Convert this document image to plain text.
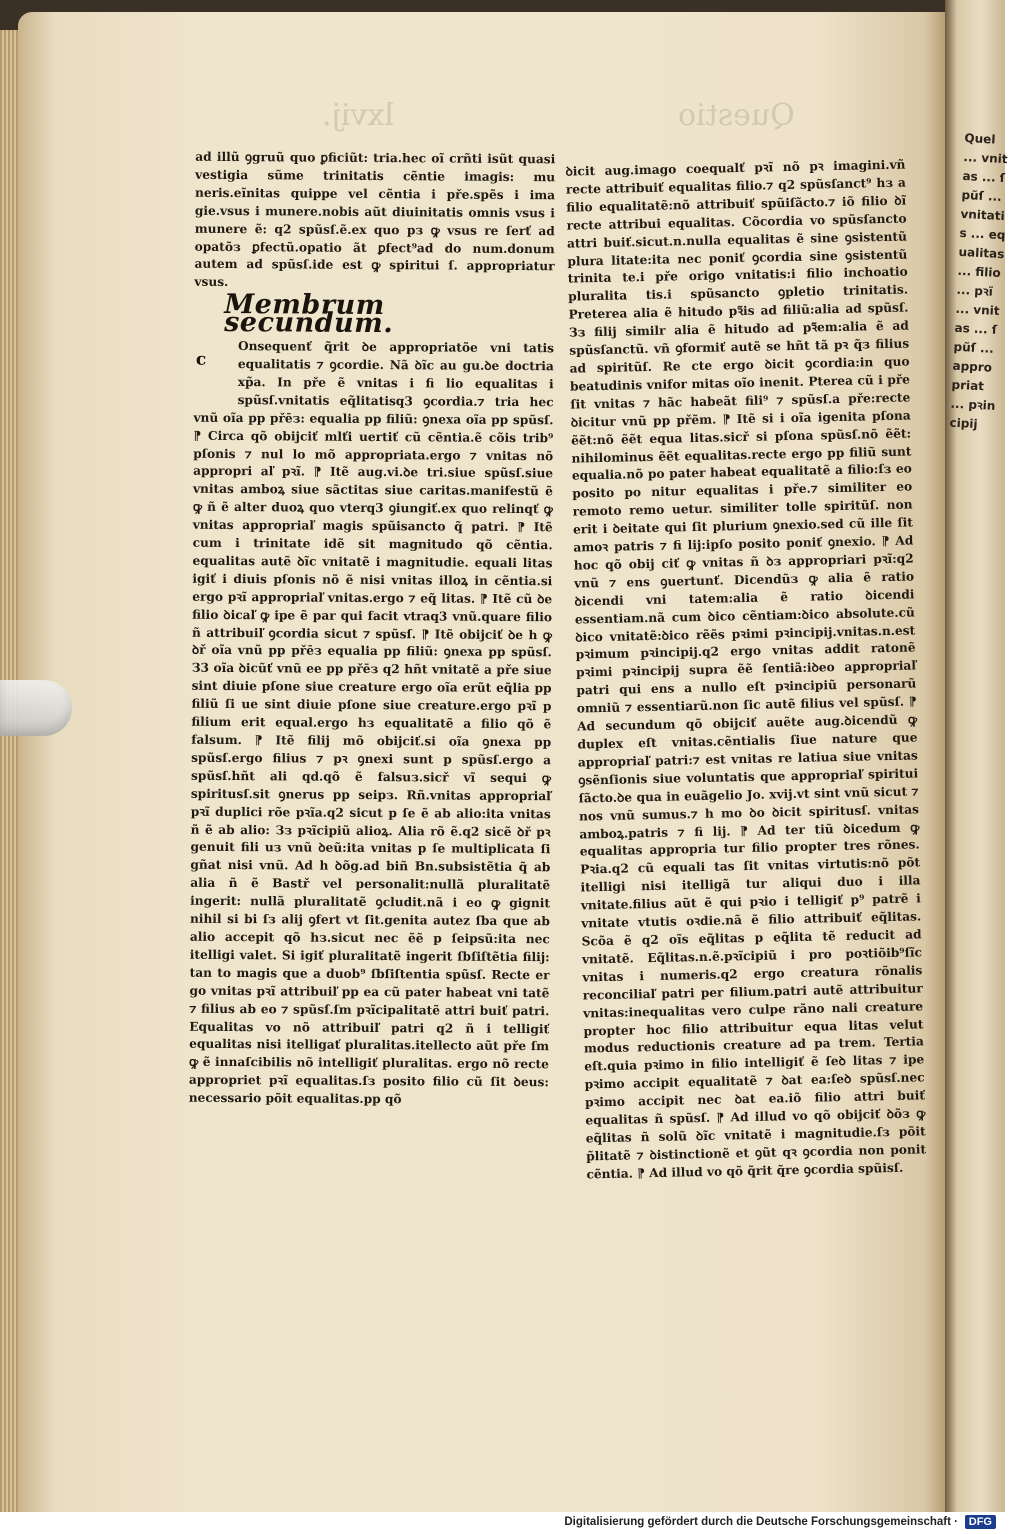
Quel ... vnitas ... ſpũſ ... vnitatis ... equalitas ... filio ... pꝛĩ ... vnitas ... ſpũſ ... appropriat ... pꝛincipij
lxvij.	Questio

ad illũ ꝯgruũ quo ꝑficiũt: tria.hec oĩ crñti isũt quasi vestigia sũme trinitatis cẽntie imagis: mu neris.eĩnitas quippe vel cẽntia i pře.spẽs i ima gie.vsus i munere.nobis aũt diuinitatis omnis vsus i munere ẽ: q2 spũsſ.ẽ.ex quo pз ꝙ vsus re ſerť ad opatõз ꝑfectũ.opatio ãt ꝑfect⁹ad do num.donum autem ad spũsſ.ide est ꝙ spiritui ſ. appropriatur vsus.

Membrum secundum.
c

Onsequenť q̃rit ꝺe appropriatõe vni tatis equalitatis ⁊ ꝯcordie. Nã ꝺĩc au gu.ꝺe doctria xp̃a. In pře ẽ vnitas i fi lio equalitas i spũsſ.vnitatis eq̃litatisq3 ꝯcordia.⁊ tria hec vnũ oĩa pp přēз: equalia pp filiũ: ꝯnexa oĩa pp spũsſ. ⁋ Circa qõ obijciť mlťi uertiť cũ cẽntia.ẽ cõis trib⁹ pſonis ⁊ nul lo mõ appropriata.ergo ⁊ vnitas nõ appropri aľ pꝛĩ. ⁋ Itẽ aug.vi.ꝺe tri.siue spũsſ.siue vnitas amboꝝ siue sãctitas siue caritas.manifestũ ẽ ꝙ ñ ẽ alter duoꝝ quo vterq3 ꝯiungiť.ex quo relinqť ꝙ vnitas appropriaľ magis spũisancto q̃ patri. ⁋ Itẽ cum i trinitate idẽ sit magnitudo qõ cẽntia. equalitas autẽ ꝺĩc vnitatẽ i magnitudie. equali litas igiť i diuis pſonis nõ ẽ nisi vnitas illoꝝ in cẽntia.si ergo pꝛĩ appropriaľ vnitas.ergo ⁊ eq̃ litas. ⁋ Itẽ cũ ꝺe filio ꝺicaľ ꝙ ipe ẽ par qui facit vtraq3 vnũ.quare filio ñ attribuiľ ꝯcordia sicut ⁊ spũsſ. ⁋ Itẽ obijciť ꝺe h ꝙ ꝺř oĩa vnũ pp přēз equalia pp filiũ: ꝯnexa pp spũsſ. З3 oĩa ꝺicũť vnũ ee pp přēз q2 hñt vnitatẽ a pře siue sint diuie pſone siue creature ergo oĩa erũt eq̃lia pp filiũ ſi ue sint diuie pſone siue creature.ergo pꝛĩ p filium erit equal.ergo hз equalitatẽ a filio qõ ẽ falsum. ⁋ Itẽ filij mõ obijciť.si oĩa ꝯnexa pp spũsſ.ergo filius ⁊ pꝛ ꝯnexi sunt p spũsſ.ergo a spũsſ.hñt ali qd.qõ ẽ falsuз.sicř vĩ sequi ꝙ spiritusſ.sit ꝯnerus pp seipз. Rñ.vnitas appropriaľ pꝛĩ duplici rõe pꝛĩa.q2 sicut p ſe ẽ ab alio:ita vnitas ñ ẽ ab alio: Зз pꝛĩcipiũ alioꝝ. Alia rõ ẽ.q2 sicẽ ꝺř pꝛ genuit fili uз vnũ ꝺeũ:ita vnitas p ſe multiplicata ſi gñat nisi vnũ. Ad h ꝺõg.ad biñ Bn.subsistẽtia q̃ ab alia ñ ẽ Bastř vel personalit:nullã pluralitatẽ ingerit: nullã pluralitatẽ ꝯcludit.nã i eo ꝙ gignit nihil si bi ſз alij ꝯfert vt ſit.genita autez ſba que ab alio accepit qõ hз.sicut nec ẽẽ p ſeipsũ:ita nec itelligi valet. Si igiť pluralitatẽ ingerit ſbſiſtẽtia filij: tan to magis que a duob⁹ ſbſiſtentia spũsſ. Recte er go vnitas pꝛĩ attribuiľ pp ea cũ pater habeat vni tatẽ ⁊ filius ab eo ⁊ spũsſ.ſm pꝛĩcipalitatẽ attri buiť patri. Equalitas vo nõ attribuiľ patri q2 ñ i telligiť equalitas nisi itelligať pluralitas.itellecto aũt pře ſm ꝙ ẽ innaſcibilis nõ intelligiť pluralitas. ergo nõ recte appropriet pꝛĩ equalitas.ſз posito filio cũ ſit ꝺeus: necessario põit equalitas.pp qõ

ꝺicit aug.imago coequalť pꝛĩ nõ pꝛ imagini.vñ recte attribuiť equalitas filio.⁊ q2 spũsſanct⁹ hз a filio equalitatẽ:nõ attribuiť spũiſãcto.⁊ iõ filio ꝺĩ recte attribui equalitas. Cõcordia vo spũsſancto attri buiť.sicut.n.nulla equalitas ẽ sine ꝯsistentũ plura litate:ita nec poniť ꝯcordia sine ꝯsistentũ trinita te.i pře origo vnitatis:i filio inchoatio pluralita tis.i spũsancto ꝯpletio trinitatis. Preterea alia ẽ hitudo pꝛ̃is ad filiũ:alia ad spũsſ. Зз filij similr alia ẽ hitudo ad pꝛ̃em:alia ẽ ad spũsſanctũ. vñ ꝯformiť autẽ se hñt tã pꝛ q̃з filius ad spiritũſ. Re cte ergo ꝺicit ꝯcordia:in quo beatudinis vnifor mitas oĩo inenit. Pterea cũ i pře ſit vnitas ⁊ hãc habeãt fili⁹ ⁊ spũsſ.a pře:recte ꝺicitur vnũ pp přẽm. ⁋ Itẽ si i oĩa igenita pſona ẽẽt:nõ ẽẽt equa litas.sicř si pſona spũsſ.nõ ẽẽt: nihilominus ẽẽt equalitas.recte ergo pp filiũ sunt equalia.nõ po pater habeat equalitatẽ a filio:ſз eo posito po nitur equalitas i pře.⁊ similiter eo remoto remo uetur. similiter tolle spiritũſ. non erit i ꝺeitate qui ſit plurium ꝯnexio.sed cũ ille ſit amoꝛ patris ⁊ fi lij:ipſo posito poniť ꝯnexio. ⁋ Ad hoc qõ obij ciť ꝙ vnitas ñ ꝺз appropriari pꝛĩ:q2 vnũ ⁊ ens ꝯuertunť. Dicendũз ꝙ alia ẽ ratio ꝺicendi vni tatem:alia ẽ ratio ꝺicendi essentiam.nã cum ꝺico cẽntiam:ꝺico absolute.cũ ꝺico vnitatẽ:ꝺico rẽẽs pꝛimi pꝛincipij.vnitas.n.est pꝛimum pꝛincipij.q2 ergo vnitas addit ratonẽ pꝛimi pꝛincipij supra ẽẽ ſentiã:iꝺeo appropriaľ patri qui ens a nullo eſt pꝛincipiũ personarũ omniũ ⁊ essentiarũ.non ſic autẽ filius vel spũsſ. ⁋ Ad secundum qõ obijciť auẽte aug.ꝺicendũ ꝙ duplex eſt vnitas.cẽntialis ſiue nature que appropriaľ patri:⁊ est vnitas re latiua siue vnitas ꝯsẽnſionis siue voluntatis que appropriaľ spiritui ſãcto.ꝺe qua in euãgelio Jo. xvij.vt sint vnũ sicut ⁊ nos vnũ sumus.⁊ h mo ꝺo ꝺicit spiritusſ. vnitas amboꝝ.patris ⁊ fi lij. ⁋ Ad ter tiũ ꝺicedum ꝙ equalitas appropria tur filio propter tres rõnes. Pꝛia.q2 cũ equali tas ſit vnitas virtutis:nõ põt itelligi nisi itelligã tur aliqui duo i illa vnitate.filius aũt ẽ qui pꝛio i telligiť p⁹ patrẽ i vnitate vtutis oꝛdie.nã ẽ filio attribuiť eq̃litas. Scõa ẽ q2 oĩs eq̃litas p eq̃lita tẽ reducit ad vnitatẽ. Eq̃litas.n.ẽ.pꝛĩcipiũ i pro poꝛtiõib⁹ſĩc vnitas i numeris.q2 ergo creatura rõnalis reconciliaľ patri per filium.patri autẽ attribuitur vnitas:inequalitas vero culpe rãno nali creature propter hoc filio attribuitur equa litas velut modus reductionis creature ad pa trem. Tertia eſt.quia pꝛimo in filio intelligiť ẽ ſeꝺ litas ⁊ ipe pꝛimo accipit equalitatẽ ⁊ ꝺat ea:ſeꝺ spũsſ.nec pꝛimo accipit nec ꝺat ea.iõ filio attri buiť equalitas ñ spũsſ. ⁋ Ad illud vo qõ obijciť ꝺõз ꝙ eq̃litas ñ solũ ꝺĩc vnitatẽ i magnitudie.ſз põit p̃litatẽ ⁊ ꝺistinctionẽ et ꝯũt qꝛ ꝯcordia non ponit cẽntia. ⁋ Ad illud vo qõ q̃rit q̃re ꝯcordia spũisſ.

Digitalisierung gefördert durch die Deutsche Forschungsgemeinschaft · DFG
